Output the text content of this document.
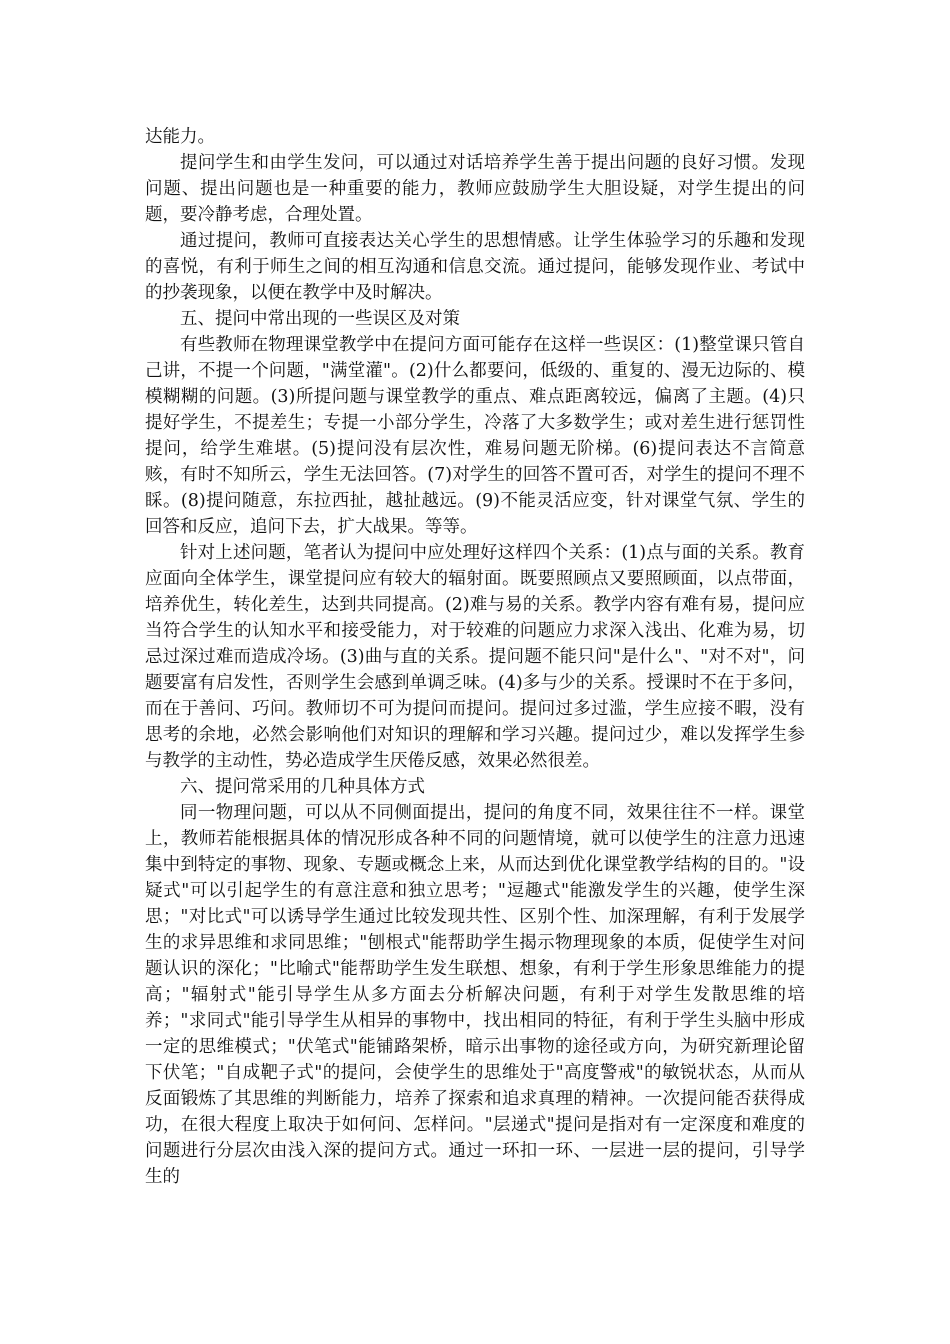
达能力。

提问学生和由学生发问，可以通过对话培养学生善于提出问题的良好习惯。发现问题、提出问题也是一种重要的能力，教师应鼓励学生大胆设疑，对学生提出的问题，要冷静考虑，合理处置。

通过提问，教师可直接表达关心学生的思想情感。让学生体验学习的乐趣和发现的喜悦，有利于师生之间的相互沟通和信息交流。通过提问，能够发现作业、考试中的抄袭现象，以便在教学中及时解决。

五、提问中常出现的一些误区及对策

有些教师在物理课堂教学中在提问方面可能存在这样一些误区：(1)整堂课只管自己讲，不提一个问题，"满堂灌"。(2)什么都要问，低级的、重复的、漫无边际的、模模糊糊的问题。(3)所提问题与课堂教学的重点、难点距离较远，偏离了主题。(4)只提好学生，不提差生；专提一小部分学生，冷落了大多数学生；或对差生进行惩罚性提问，给学生难堪。(5)提问没有层次性，难易问题无阶梯。(6)提问表达不言简意赅，有时不知所云，学生无法回答。(7)对学生的回答不置可否，对学生的提问不理不睬。(8)提问随意，东拉西扯，越扯越远。(9)不能灵活应变，针对课堂气氛、学生的回答和反应，追问下去，扩大战果。等等。

针对上述问题，笔者认为提问中应处理好这样四个关系：(1)点与面的关系。教育应面向全体学生，课堂提问应有较大的辐射面。既要照顾点又要照顾面，以点带面，培养优生，转化差生，达到共同提高。(2)难与易的关系。教学内容有难有易，提问应当符合学生的认知水平和接受能力，对于较难的问题应力求深入浅出、化难为易，切忌过深过难而造成冷场。(3)曲与直的关系。提问题不能只问"是什么"、"对不对"，问题要富有启发性，否则学生会感到单调乏味。(4)多与少的关系。授课时不在于多问，而在于善问、巧问。教师切不可为提问而提问。提问过多过滥，学生应接不暇，没有思考的余地，必然会影响他们对知识的理解和学习兴趣。提问过少，难以发挥学生参与教学的主动性，势必造成学生厌倦反感，效果必然很差。

六、提问常采用的几种具体方式

同一物理问题，可以从不同侧面提出，提问的角度不同，效果往往不一样。课堂上，教师若能根据具体的情况形成各种不同的问题情境，就可以使学生的注意力迅速集中到特定的事物、现象、专题或概念上来，从而达到优化课堂教学结构的目的。"设疑式"可以引起学生的有意注意和独立思考；"逗趣式"能激发学生的兴趣，使学生深思；"对比式"可以诱导学生通过比较发现共性、区别个性、加深理解，有利于发展学生的求异思维和求同思维；"刨根式"能帮助学生揭示物理现象的本质，促使学生对问题认识的深化；"比喻式"能帮助学生发生联想、想象，有利于学生形象思维能力的提高；"辐射式"能引导学生从多方面去分析解决问题，有利于对学生发散思维的培养；"求同式"能引导学生从相异的事物中，找出相同的特征，有利于学生头脑中形成一定的思维模式；"伏笔式"能铺路架桥，暗示出事物的途径或方向，为研究新理论留下伏笔；"自成靶子式"的提问，会使学生的思维处于"高度警戒"的敏锐状态，从而从反面锻炼了其思维的判断能力，培养了探索和追求真理的精神。一次提问能否获得成功，在很大程度上取决于如何问、怎样问。"层递式"提问是指对有一定深度和难度的问题进行分层次由浅入深的提问方式。通过一环扣一环、一层进一层的提问，引导学生的
